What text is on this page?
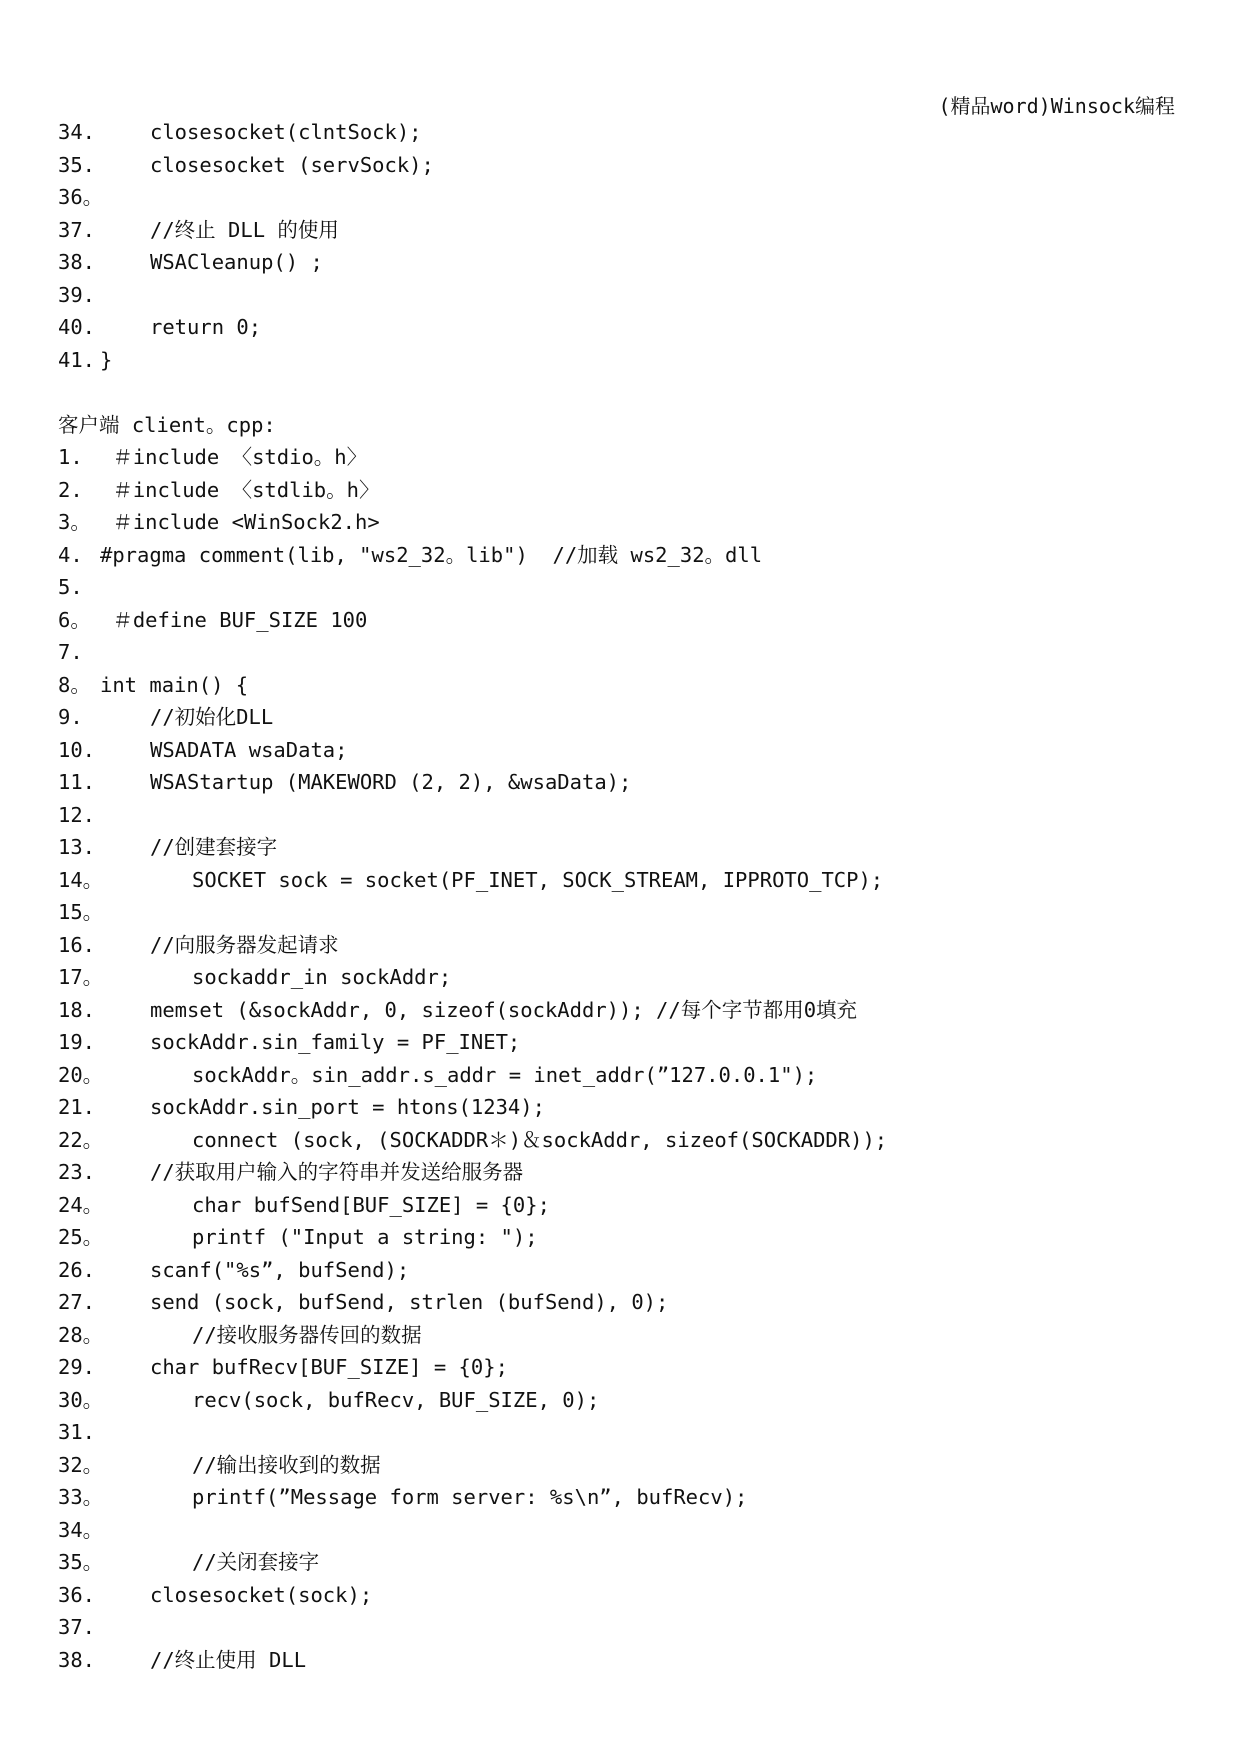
(精品word)Winsock编程
34.	closesocket(clntSock);
35.	closesocket (servSock);
36。
37.	//终止 DLL 的使用
38.	WSACleanup() ;
39.
40.	return 0;
41. }
客户端 client。cpp:
1. ＃include 〈stdio。h〉
2. ＃include 〈stdlib。h〉
3。 ＃include <WinSock2.h>
4. #pragma comment(lib, "ws2_32。lib")  //加载 ws2_32。dll
5.
6。 ＃define BUF_SIZE 100
7.
8。 int main() {
9.	//初始化DLL
10.	WSADATA wsaData;
11.	WSAStartup (MAKEWORD (2, 2), &wsaData);
12.
13.	//创建套接字
14。	SOCKET sock = socket(PF_INET, SOCK_STREAM, IPPROTO_TCP);
15。
16.	//向服务器发起请求
17。	sockaddr_in sockAddr;
18.	memset (&sockAddr, 0, sizeof(sockAddr)); //每个字节都用0填充
19.	sockAddr.sin_family = PF_INET;
20。	sockAddr。sin_addr.s_addr = inet_addr(”127.0.0.1");
21.	sockAddr.sin_port = htons(1234);
22。	connect (sock, (SOCKADDR＊)＆sockAddr, sizeof(SOCKADDR));
23.	//获取用户输入的字符串并发送给服务器
24。	char bufSend[BUF_SIZE] = {0};
25。	printf ("Input a string: ");
26.	scanf("%s”, bufSend);
27.	send (sock, bufSend, strlen (bufSend), 0);
28。	//接收服务器传回的数据
29.	char bufRecv[BUF_SIZE] = {0};
30。	recv(sock, bufRecv, BUF_SIZE, 0);
31.
32。	//输出接收到的数据
33。	printf(”Message form server: %s\n”, bufRecv);
34。
35。	//关闭套接字
36.	closesocket(sock);
37.
38.	//终止使用 DLL
